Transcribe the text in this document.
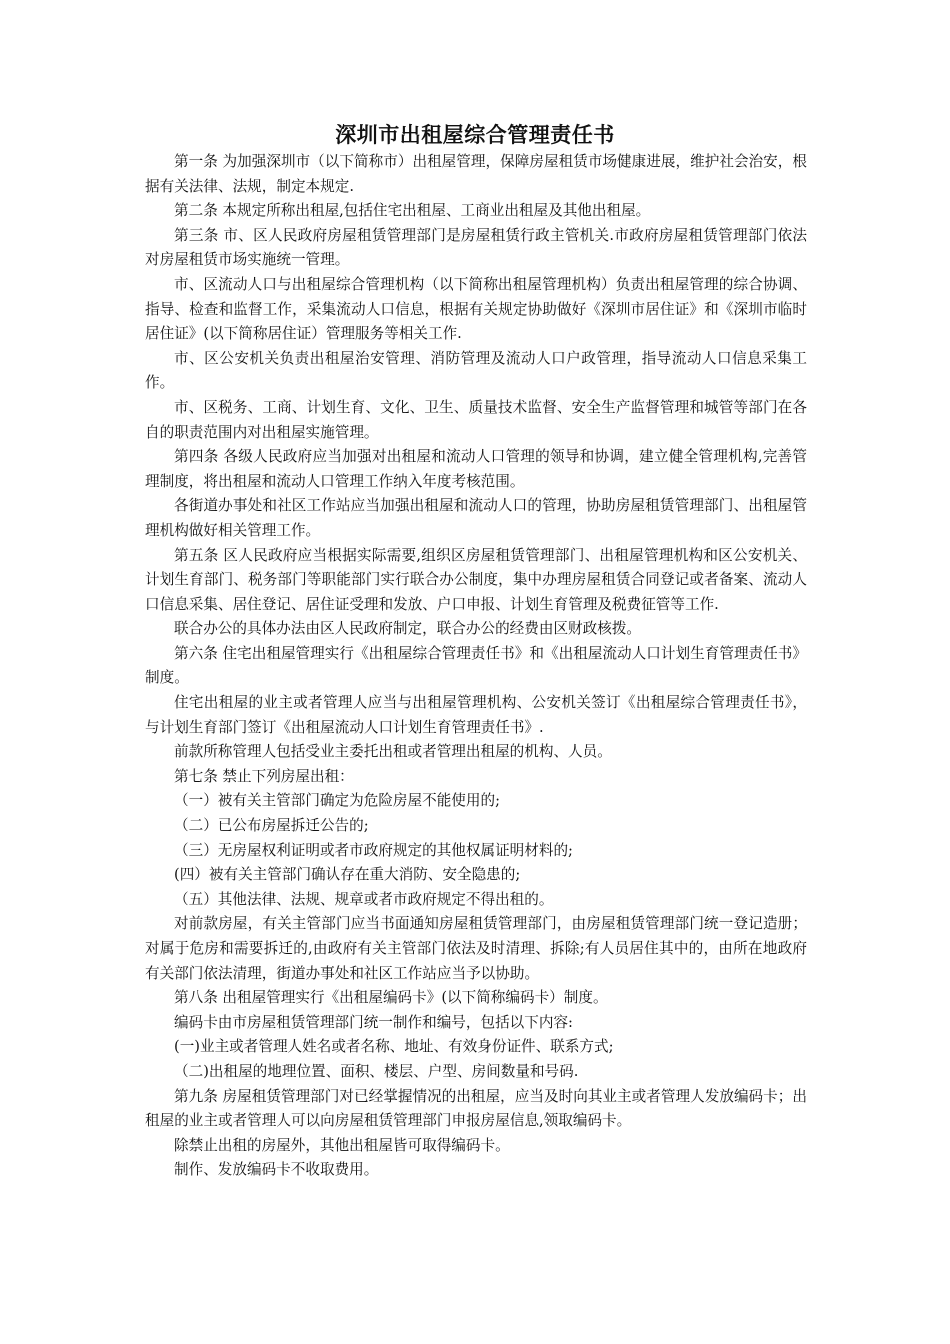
深圳市出租屋综合管理责任书

第一条 为加强深圳市（以下简称市）出租屋管理，保障房屋租赁市场健康进展，维护社会治安，根据有关法律、法规，制定本规定.

第二条 本规定所称出租屋,包括住宅出租屋、工商业出租屋及其他出租屋。

第三条 市、区人民政府房屋租赁管理部门是房屋租赁行政主管机关.市政府房屋租赁管理部门依法对房屋租赁市场实施统一管理。

市、区流动人口与出租屋综合管理机构（以下简称出租屋管理机构）负责出租屋管理的综合协调、指导、检查和监督工作，采集流动人口信息，根据有关规定协助做好《深圳市居住证》和《深圳市临时居住证》(以下简称居住证）管理服务等相关工作.

市、区公安机关负责出租屋治安管理、消防管理及流动人口户政管理，指导流动人口信息采集工作。

市、区税务、工商、计划生育、文化、卫生、质量技术监督、安全生产监督管理和城管等部门在各自的职责范围内对出租屋实施管理。

第四条 各级人民政府应当加强对出租屋和流动人口管理的领导和协调，建立健全管理机构,完善管理制度，将出租屋和流动人口管理工作纳入年度考核范围。

各街道办事处和社区工作站应当加强出租屋和流动人口的管理，协助房屋租赁管理部门、出租屋管理机构做好相关管理工作。

第五条 区人民政府应当根据实际需要,组织区房屋租赁管理部门、出租屋管理机构和区公安机关、计划生育部门、税务部门等职能部门实行联合办公制度，集中办理房屋租赁合同登记或者备案、流动人口信息采集、居住登记、居住证受理和发放、户口申报、计划生育管理及税费征管等工作.

联合办公的具体办法由区人民政府制定，联合办公的经费由区财政核拨。

第六条 住宅出租屋管理实行《出租屋综合管理责任书》和《出租屋流动人口计划生育管理责任书》制度。

住宅出租屋的业主或者管理人应当与出租屋管理机构、公安机关签订《出租屋综合管理责任书》，与计划生育部门签订《出租屋流动人口计划生育管理责任书》.

前款所称管理人包括受业主委托出租或者管理出租屋的机构、人员。

第七条 禁止下列房屋出租：

（一）被有关主管部门确定为危险房屋不能使用的;

（二）已公布房屋拆迁公告的;

（三）无房屋权利证明或者市政府规定的其他权属证明材料的;

(四）被有关主管部门确认存在重大消防、安全隐患的;

（五）其他法律、法规、规章或者市政府规定不得出租的。

对前款房屋，有关主管部门应当书面通知房屋租赁管理部门，由房屋租赁管理部门统一登记造册；对属于危房和需要拆迁的,由政府有关主管部门依法及时清理、拆除;有人员居住其中的，由所在地政府有关部门依法清理，街道办事处和社区工作站应当予以协助。

第八条 出租屋管理实行《出租屋编码卡》(以下简称编码卡）制度。

编码卡由市房屋租赁管理部门统一制作和编号，包括以下内容:

(一)业主或者管理人姓名或者名称、地址、有效身份证件、联系方式;

（二)出租屋的地理位置、面积、楼层、户型、房间数量和号码.

第九条 房屋租赁管理部门对已经掌握情况的出租屋，应当及时向其业主或者管理人发放编码卡；出租屋的业主或者管理人可以向房屋租赁管理部门申报房屋信息,领取编码卡。

除禁止出租的房屋外，其他出租屋皆可取得编码卡。

制作、发放编码卡不收取费用。
